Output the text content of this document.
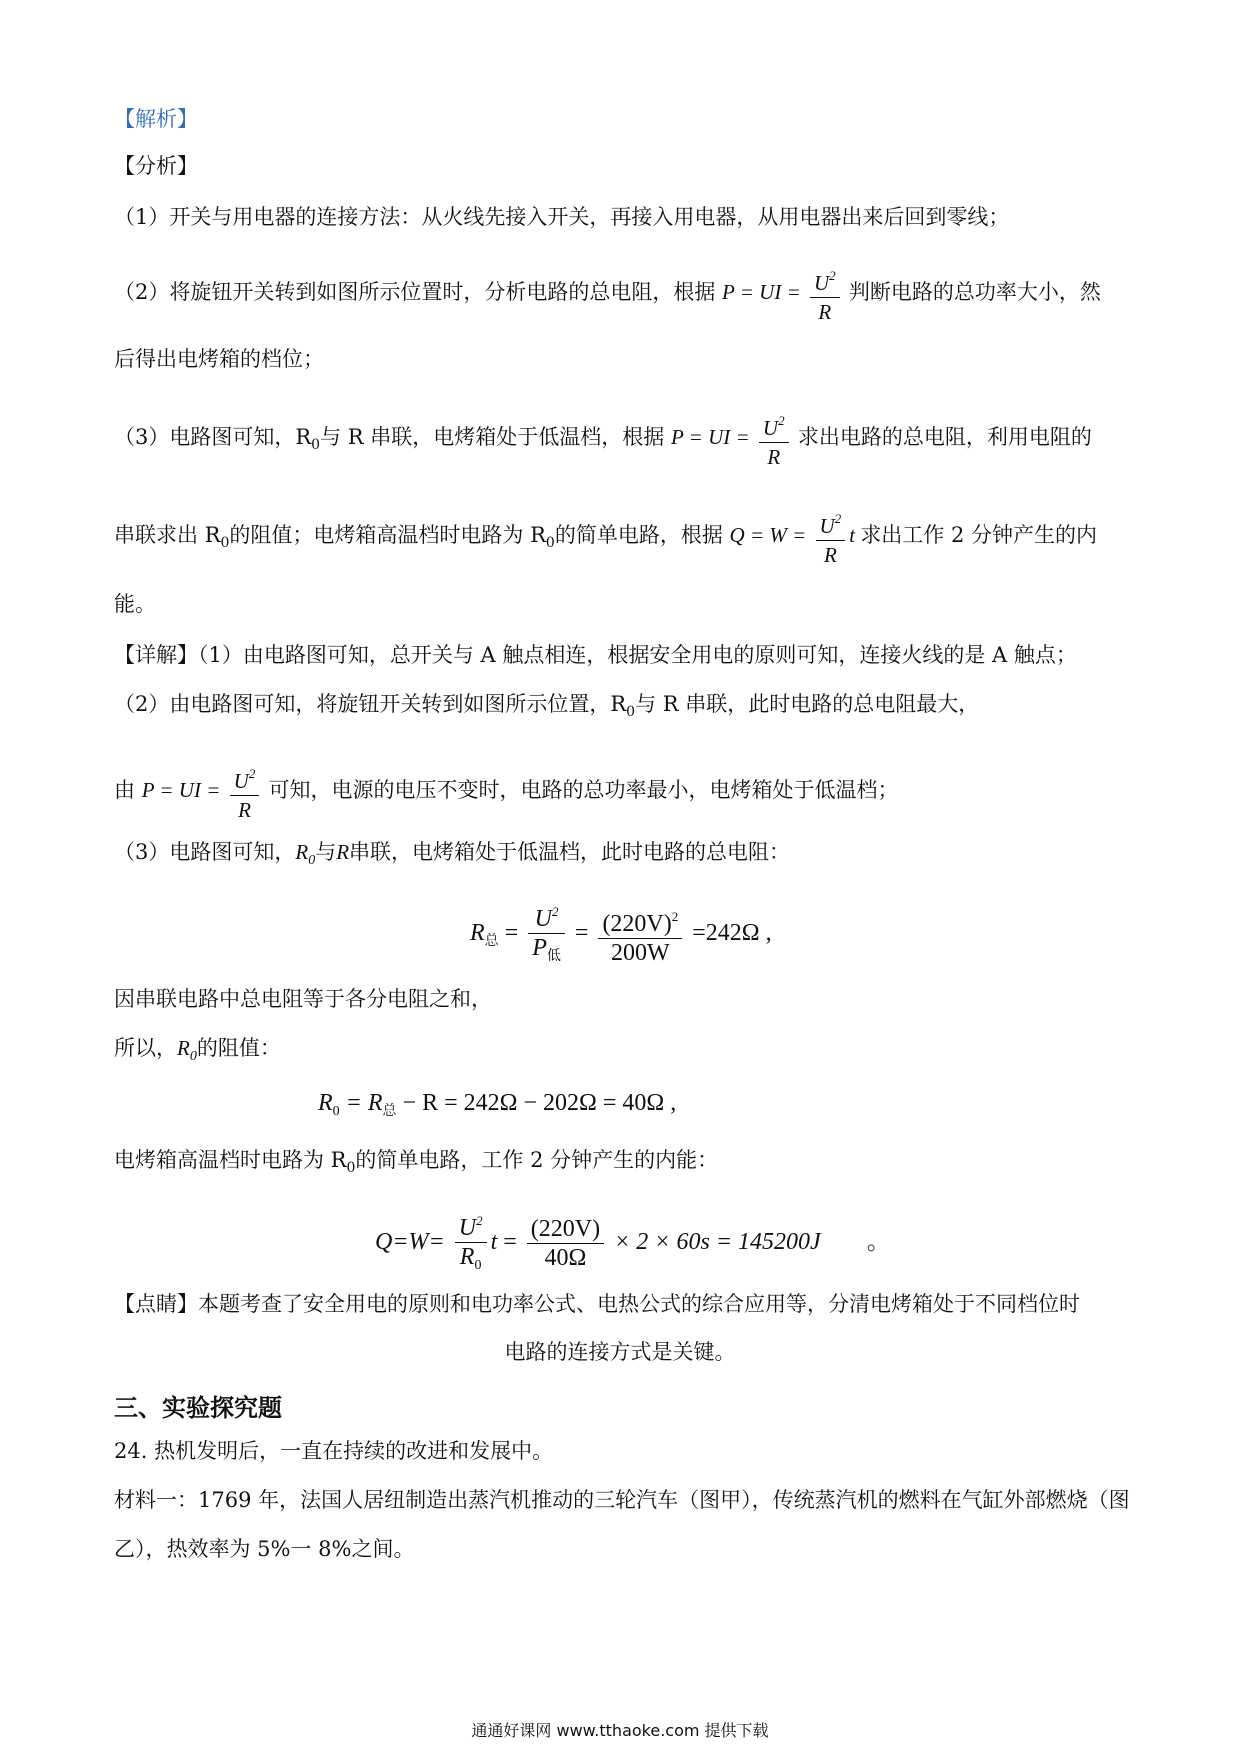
【解析】
【分析】
（1）开关与用电器的连接方法：从火线先接入开关，再接入用电器，从用电器出来后回到零线；
（2）将旋钮开关转到如图所示位置时，分析电路的总电阻，根据 P = UI = $\frac{U^2}{R}$ 判断电路的总功率大小，然
后得出电烤箱的档位；
（3）电路图可知，$R_0$与 R 串联，电烤箱处于低温档，根据 P = UI = $\frac{U^2}{R}$ 求出电路的总电阻，利用电阻的
串联求出 $R_0$的阻值；电烤箱高温档时电路为 $R_0$的简单电路，根据 $Q = W = \frac{U^2}{R}$ t 求出工作 2 分钟产生的内
能。
【详解】（1）由电路图可知，总开关与 A 触点相连，根据安全用电的原则可知，连接火线的是 A 触点；
（2）由电路图可知，将旋钮开关转到如图所示位置，$R_0$与 R 串联，此时电路的总电阻最大，
由 P = UI = $\frac{U^2}{R}$ 可知，电源的电压不变时，电路的总功率最小，电烤箱处于低温档；
（3）电路图可知，$R_0$与R串联，电烤箱处于低温档，此时电路的总电阻：
$R_总 = \frac{U^2}{P_低} = \frac{(220V)^2}{200W} =242\Omega$ ,
因串联电路中总电阻等于各分电阻之和，
所以，$R_0$的阻值：
$R_0 = R_总 - R = 242\Omega - 202\Omega = 40\Omega$ ,
电烤箱高温档时电路为 $R_0$的简单电路，工作 2 分钟产生的内能：
$Q=W= \frac{U^2}{R_0}$ $t = \frac{(220V)}{40\Omega} \times 2 \times 60s = 145200J$ 。
【点睛】本题考查了安全用电的原则和电功率公式、电热公式的综合应用等，分清电烤箱处于不同档位时
电路的连接方式是关键。
三、实验探究题
24. 热机发明后，一直在持续的改进和发展中。
材料一：1769 年，法国人居纽制造出蒸汽机推动的三轮汽车（图甲），传统蒸汽机的燃料在气缸外部燃烧（图
乙），热效率为 5%一 8%之间。
通通好课网 www.tthaoke.com 提供下载
